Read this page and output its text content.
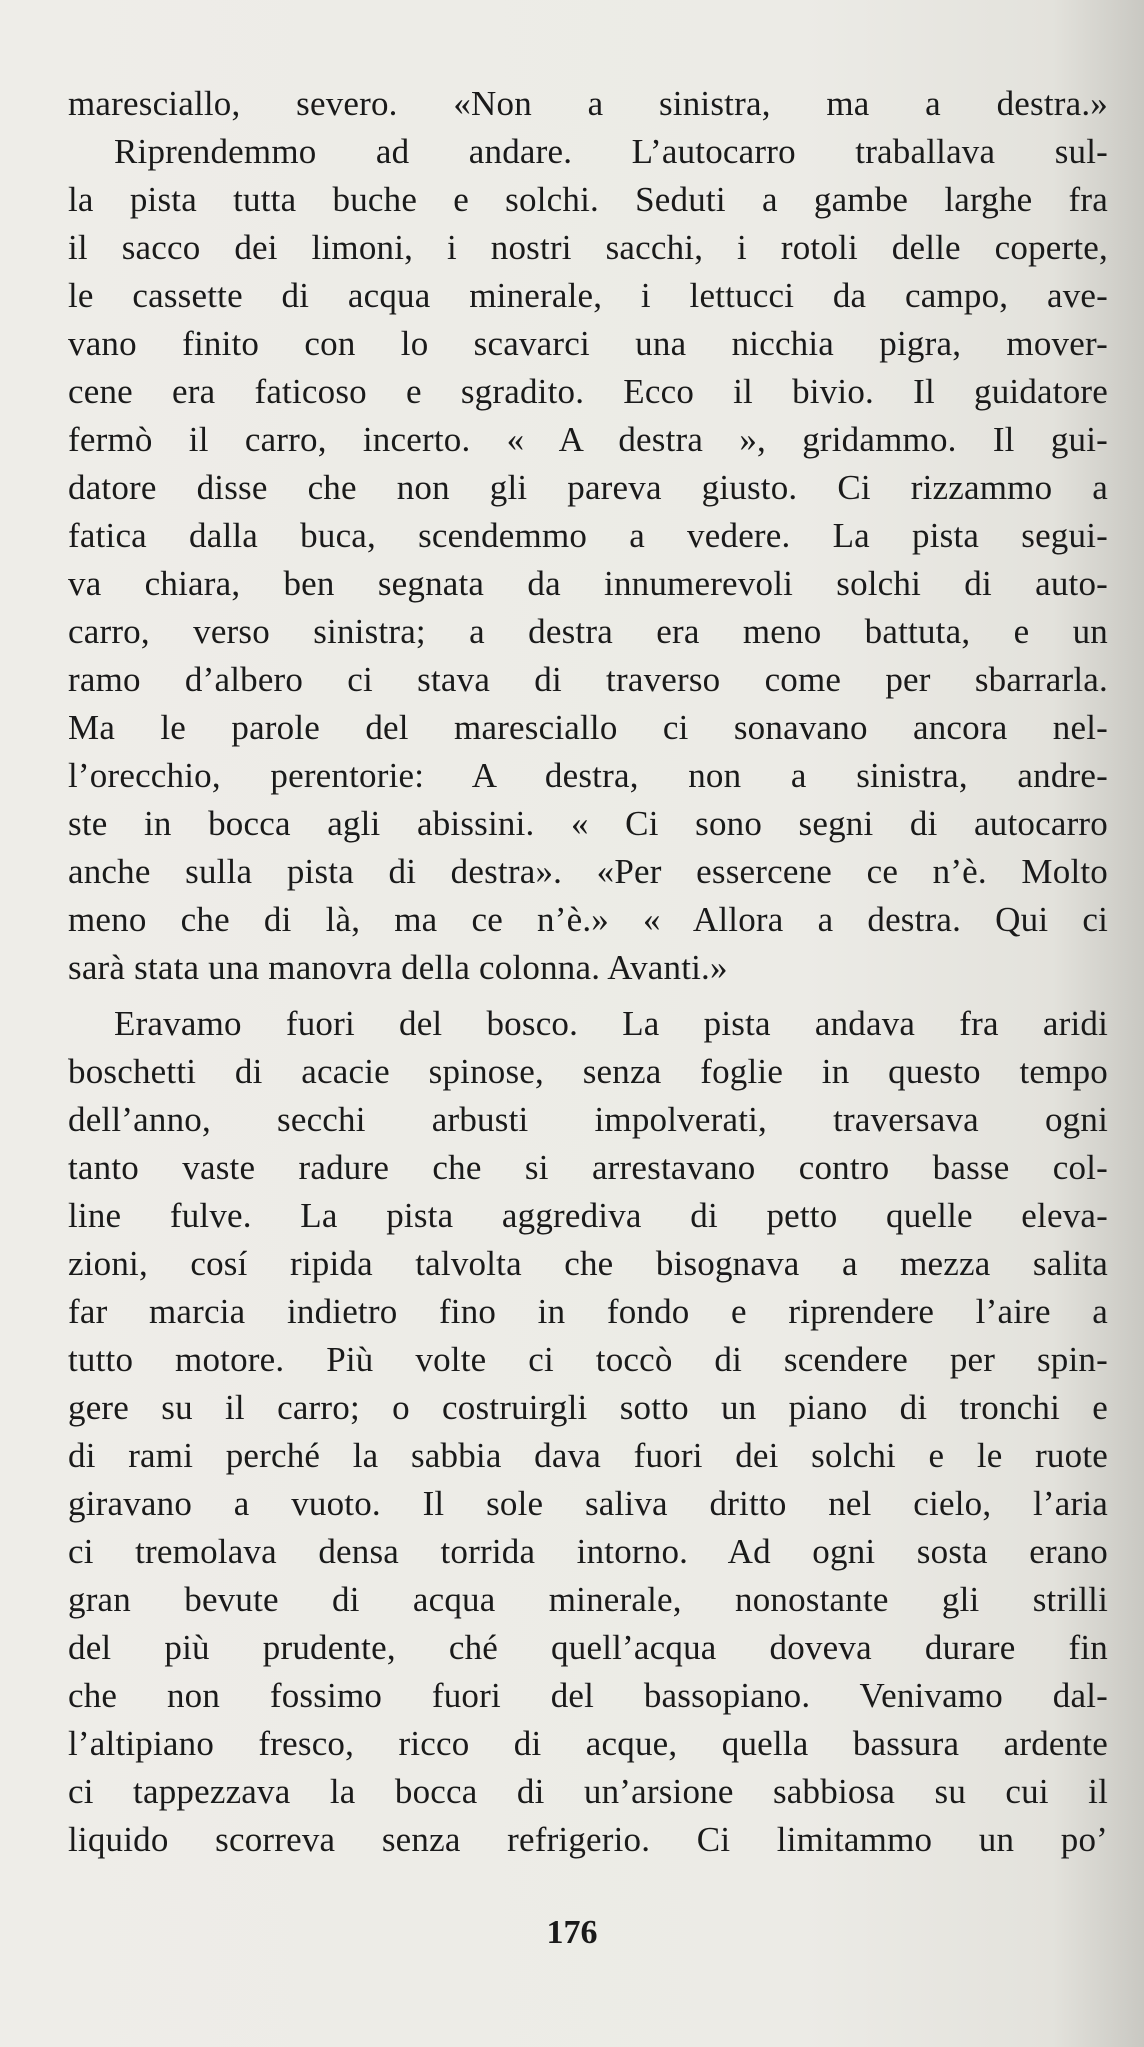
maresciallo, severo. «Non a sinistra, ma a destra.»
Riprendemmo ad andare. L’autocarro traballava sul-
la pista tutta buche e solchi. Seduti a gambe larghe fra
il sacco dei limoni, i nostri sacchi, i rotoli delle coperte,
le cassette di acqua minerale, i lettucci da campo, ave-
vano finito con lo scavarci una nicchia pigra, mover-
cene era faticoso e sgradito. Ecco il bivio. Il guidatore
fermò il carro, incerto. « A destra », gridammo. Il gui-
datore disse che non gli pareva giusto. Ci rizzammo a
fatica dalla buca, scendemmo a vedere. La pista segui-
va chiara, ben segnata da innumerevoli solchi di auto-
carro, verso sinistra; a destra era meno battuta, e un
ramo d’albero ci stava di traverso come per sbarrarla.
Ma le parole del maresciallo ci sonavano ancora nel-
l’orecchio, perentorie: A destra, non a sinistra, andre-
ste in bocca agli abissini. « Ci sono segni di autocarro
anche sulla pista di destra». «Per essercene ce n’è. Molto
meno che di là, ma ce n’è.» « Allora a destra. Qui ci
sarà stata una manovra della colonna. Avanti.»
Eravamo fuori del bosco. La pista andava fra aridi
boschetti di acacie spinose, senza foglie in questo tempo
dell’anno, secchi arbusti impolverati, traversava ogni
tanto vaste radure che si arrestavano contro basse col-
line fulve. La pista aggrediva di petto quelle eleva-
zioni, cosí ripida talvolta che bisognava a mezza salita
far marcia indietro fino in fondo e riprendere l’aire a
tutto motore. Più volte ci toccò di scendere per spin-
gere su il carro; o costruirgli sotto un piano di tronchi e
di rami perché la sabbia dava fuori dei solchi e le ruote
giravano a vuoto. Il sole saliva dritto nel cielo, l’aria
ci tremolava densa torrida intorno. Ad ogni sosta erano
gran bevute di acqua minerale, nonostante gli strilli
del più prudente, ché quell’acqua doveva durare fin
che non fossimo fuori del bassopiano. Venivamo dal-
l’altipiano fresco, ricco di acque, quella bassura ardente
ci tappezzava la bocca di un’arsione sabbiosa su cui il
liquido scorreva senza refrigerio. Ci limitammo un po’
176
